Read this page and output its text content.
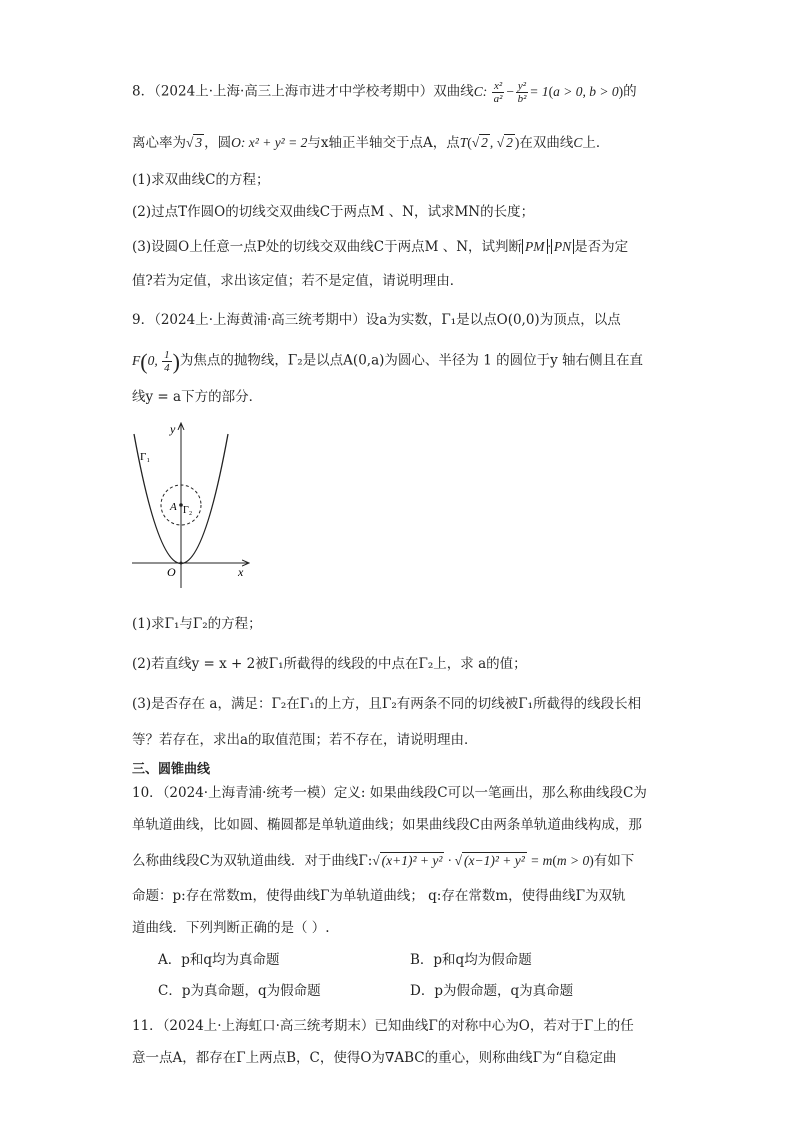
8．（2024上·上海·高三上海市进才中学校考期中）双曲线C: $\frac{\text{x²}}{\text{a²}} - \frac{\text{y²}}{\text{b²}} = 1(a > 0$, b > 0)的
离心率为√ 3 ，圆O: x² + y² = 2与x轴正半轴交于点A，点T(√ 2 , √ 2 )在双曲线C上．
(1)求双曲线C的方程；
(2)过点T作圆O的切线交双曲线C于两点M 、N，试求MN的长度；
(3)设圆O上任意一点P处的切线交双曲线C于两点M 、N，试判断 PM · PN 是否为定
值?若为定值，求出该定值；若不是定值，请说明理由．
9．（2024上·上海黄浦·高三统考期中）设a为实数，Γ₁是以点O(0,0)为顶点，以点
F(0, $\frac{1}{4}$ )为焦点的抛物线，Γ₂是以点A(0,a)为圆心、半径为 1 的圆位于y 轴右侧且在直
线y = a下方的部分．
y
x
O
Γ₁
A Γ₂
(1)求Γ₁与Γ₂的方程；
(2)若直线y = x + 2被Γ₁所截得的线段的中点在Γ₂上，求 a的值；
(3)是否存在 a，满足：Γ₂在Γ₁的上方，且Γ₂有两条不同的切线被Γ₁所截得的线段长相
等？若存在，求出a的取值范围；若不存在，请说明理由．
三、圆锥曲线
10．（2024·上海青浦·统考一模）定义: 如果曲线段C可以一笔画出，那么称曲线段C为
单轨道曲线，比如圆、椭圆都是单轨道曲线；如果曲线段C由两条单轨道曲线构成，那
么称曲线段C为双轨道曲线．对于曲线Γ:√ (x+1)² + y² · √ (x−1)² + y² = m(m > 0)有如下
命题：p:存在常数m，使得曲线Γ为单轨道曲线； q:存在常数m，使得曲线Γ为双轨
道曲线．下列判断正确的是（ ）.
A．p和q均为真命题	B．p和q均为假命题
C．p为真命题，q为假命题	D．p为假命题，q为真命题
11．（2024上·上海虹口·高三统考期末）已知曲线Γ的对称中心为O，若对于Γ上的任
意一点A，都存在Γ上两点B，C，使得O为∇ABC的重心，则称曲线Γ为“自稳定曲
